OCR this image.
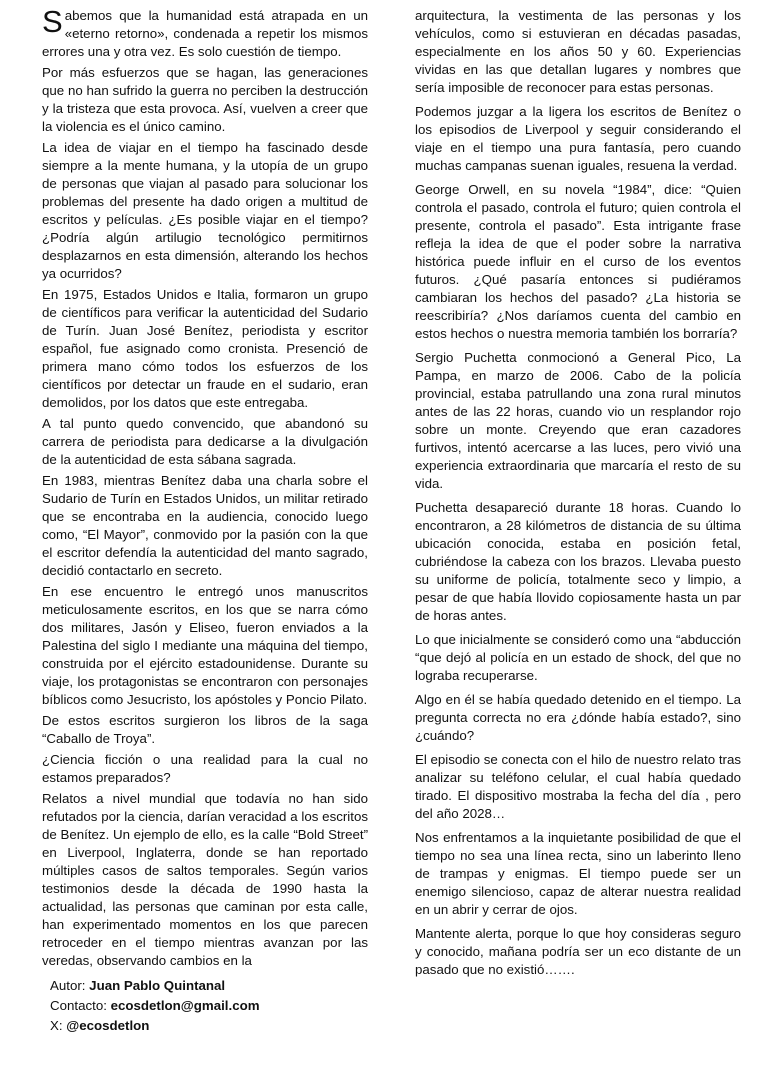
Sabemos que la humanidad está atrapada en un «eterno retorno», condenada a repetir los mismos errores una y otra vez. Es solo cuestión de tiempo.

Por más esfuerzos que se hagan, las generaciones que no han sufrido la guerra no perciben la destrucción y la tristeza que esta provoca. Así, vuelven a creer que la violencia es el único camino.

La idea de viajar en el tiempo ha fascinado desde siempre a la mente humana, y la utopía de un grupo de personas que viajan al pasado para solucionar los problemas del presente ha dado origen a multitud de escritos y películas. ¿Es posible viajar en el tiempo? ¿Podría algún artilugio tecnológico permitirnos desplazarnos en esta dimensión, alterando los hechos ya ocurridos?

En 1975, Estados Unidos e Italia, formaron un grupo de científicos para verificar la autenticidad del Sudario de Turín. Juan José Benítez, periodista y escritor español, fue asignado como cronista. Presenció de primera mano cómo todos los esfuerzos de los científicos por detectar un fraude en el sudario, eran demolidos, por los datos que este entregaba.

A tal punto quedo convencido, que abandonó su carrera de periodista para dedicarse a la divulgación de la autenticidad de esta sábana sagrada.

En 1983, mientras Benítez daba una charla sobre el Sudario de Turín en Estados Unidos, un militar retirado que se encontraba en la audiencia, conocido luego como, “El Mayor”, conmovido por la pasión con la que el escritor defendía la autenticidad del manto sagrado, decidió contactarlo en secreto.

En ese encuentro le entregó unos manuscritos meticulosamente escritos, en los que se narra cómo dos militares, Jasón y Eliseo, fueron enviados a la Palestina del siglo I mediante una máquina del tiempo, construida por el ejército estadounidense. Durante su viaje, los protagonistas se encontraron con personajes bíblicos como Jesucristo, los apóstoles y Poncio Pilato.

De estos escritos surgieron los libros de la saga “Caballo de Troya”.

¿Ciencia ficción o una realidad para la cual no estamos preparados?

Relatos a nivel mundial que todavía no han sido refutados por la ciencia, darían veracidad a los escritos de Benítez. Un ejemplo de ello, es la calle “Bold Street” en Liverpool, Inglaterra, donde se han reportado múltiples casos de saltos temporales. Según varios testimonios desde la década de 1990 hasta la actualidad, las personas que caminan por esta calle, han experimentado momentos en los que parecen retroceder en el tiempo mientras avanzan por las veredas, observando cambios en la

arquitectura, la vestimenta de las personas y los vehículos, como si estuvieran en décadas pasadas, especialmente en los años 50 y 60. Experiencias vividas en las que detallan lugares y nombres que sería imposible de reconocer para estas personas.

Podemos juzgar a la ligera los escritos de Benítez o los episodios de Liverpool y seguir considerando el viaje en el tiempo una pura fantasía, pero cuando muchas campanas suenan iguales, resuena la verdad.

George Orwell, en su novela “1984”, dice: “Quien controla el pasado, controla el futuro; quien controla el presente, controla el pasado”. Esta intrigante frase refleja la idea de que el poder sobre la narrativa histórica puede influir en el curso de los eventos futuros. ¿Qué pasaría entonces si pudiéramos cambiaran los hechos del pasado? ¿La historia se reescribiría? ¿Nos daríamos cuenta del cambio en estos hechos o nuestra memoria también los borraría?

Sergio Puchetta conmocionó a General Pico, La Pampa, en marzo de 2006. Cabo de la policía provincial, estaba patrullando una zona rural minutos antes de las 22 horas, cuando vio un resplandor rojo sobre un monte. Creyendo que eran cazadores furtivos, intentó acercarse a las luces, pero vivió una experiencia extraordinaria que marcaría el resto de su vida.

Puchetta desapareció durante 18 horas. Cuando lo encontraron, a 28 kilómetros de distancia de su última ubicación conocida, estaba en posición fetal, cubriéndose la cabeza con los brazos. Llevaba puesto su uniforme de policía, totalmente seco y limpio, a pesar de que había llovido copiosamente hasta un par de horas antes.

Lo que inicialmente se consideró como una “abducción “que dejó al policía en un estado de shock, del que no lograba recuperarse.

Algo en él se había quedado detenido en el tiempo. La pregunta correcta no era ¿dónde había estado?, sino ¿cuándo?

El episodio se conecta con el hilo de nuestro relato tras analizar su teléfono celular, el cual había quedado tirado. El dispositivo mostraba la fecha del día , pero del año 2028…

Nos enfrentamos a la inquietante posibilidad de que el tiempo no sea una línea recta, sino un laberinto lleno de trampas y enigmas. El tiempo puede ser un enemigo silencioso, capaz de alterar nuestra realidad en un abrir y cerrar de ojos.

Mantente alerta, porque lo que hoy consideras seguro y conocido, mañana podría ser un eco distante de un pasado que no existió…….

Autor: Juan Pablo Quintanal
Contacto: ecosdetlon@gmail.com
X: @ecosdetlon
